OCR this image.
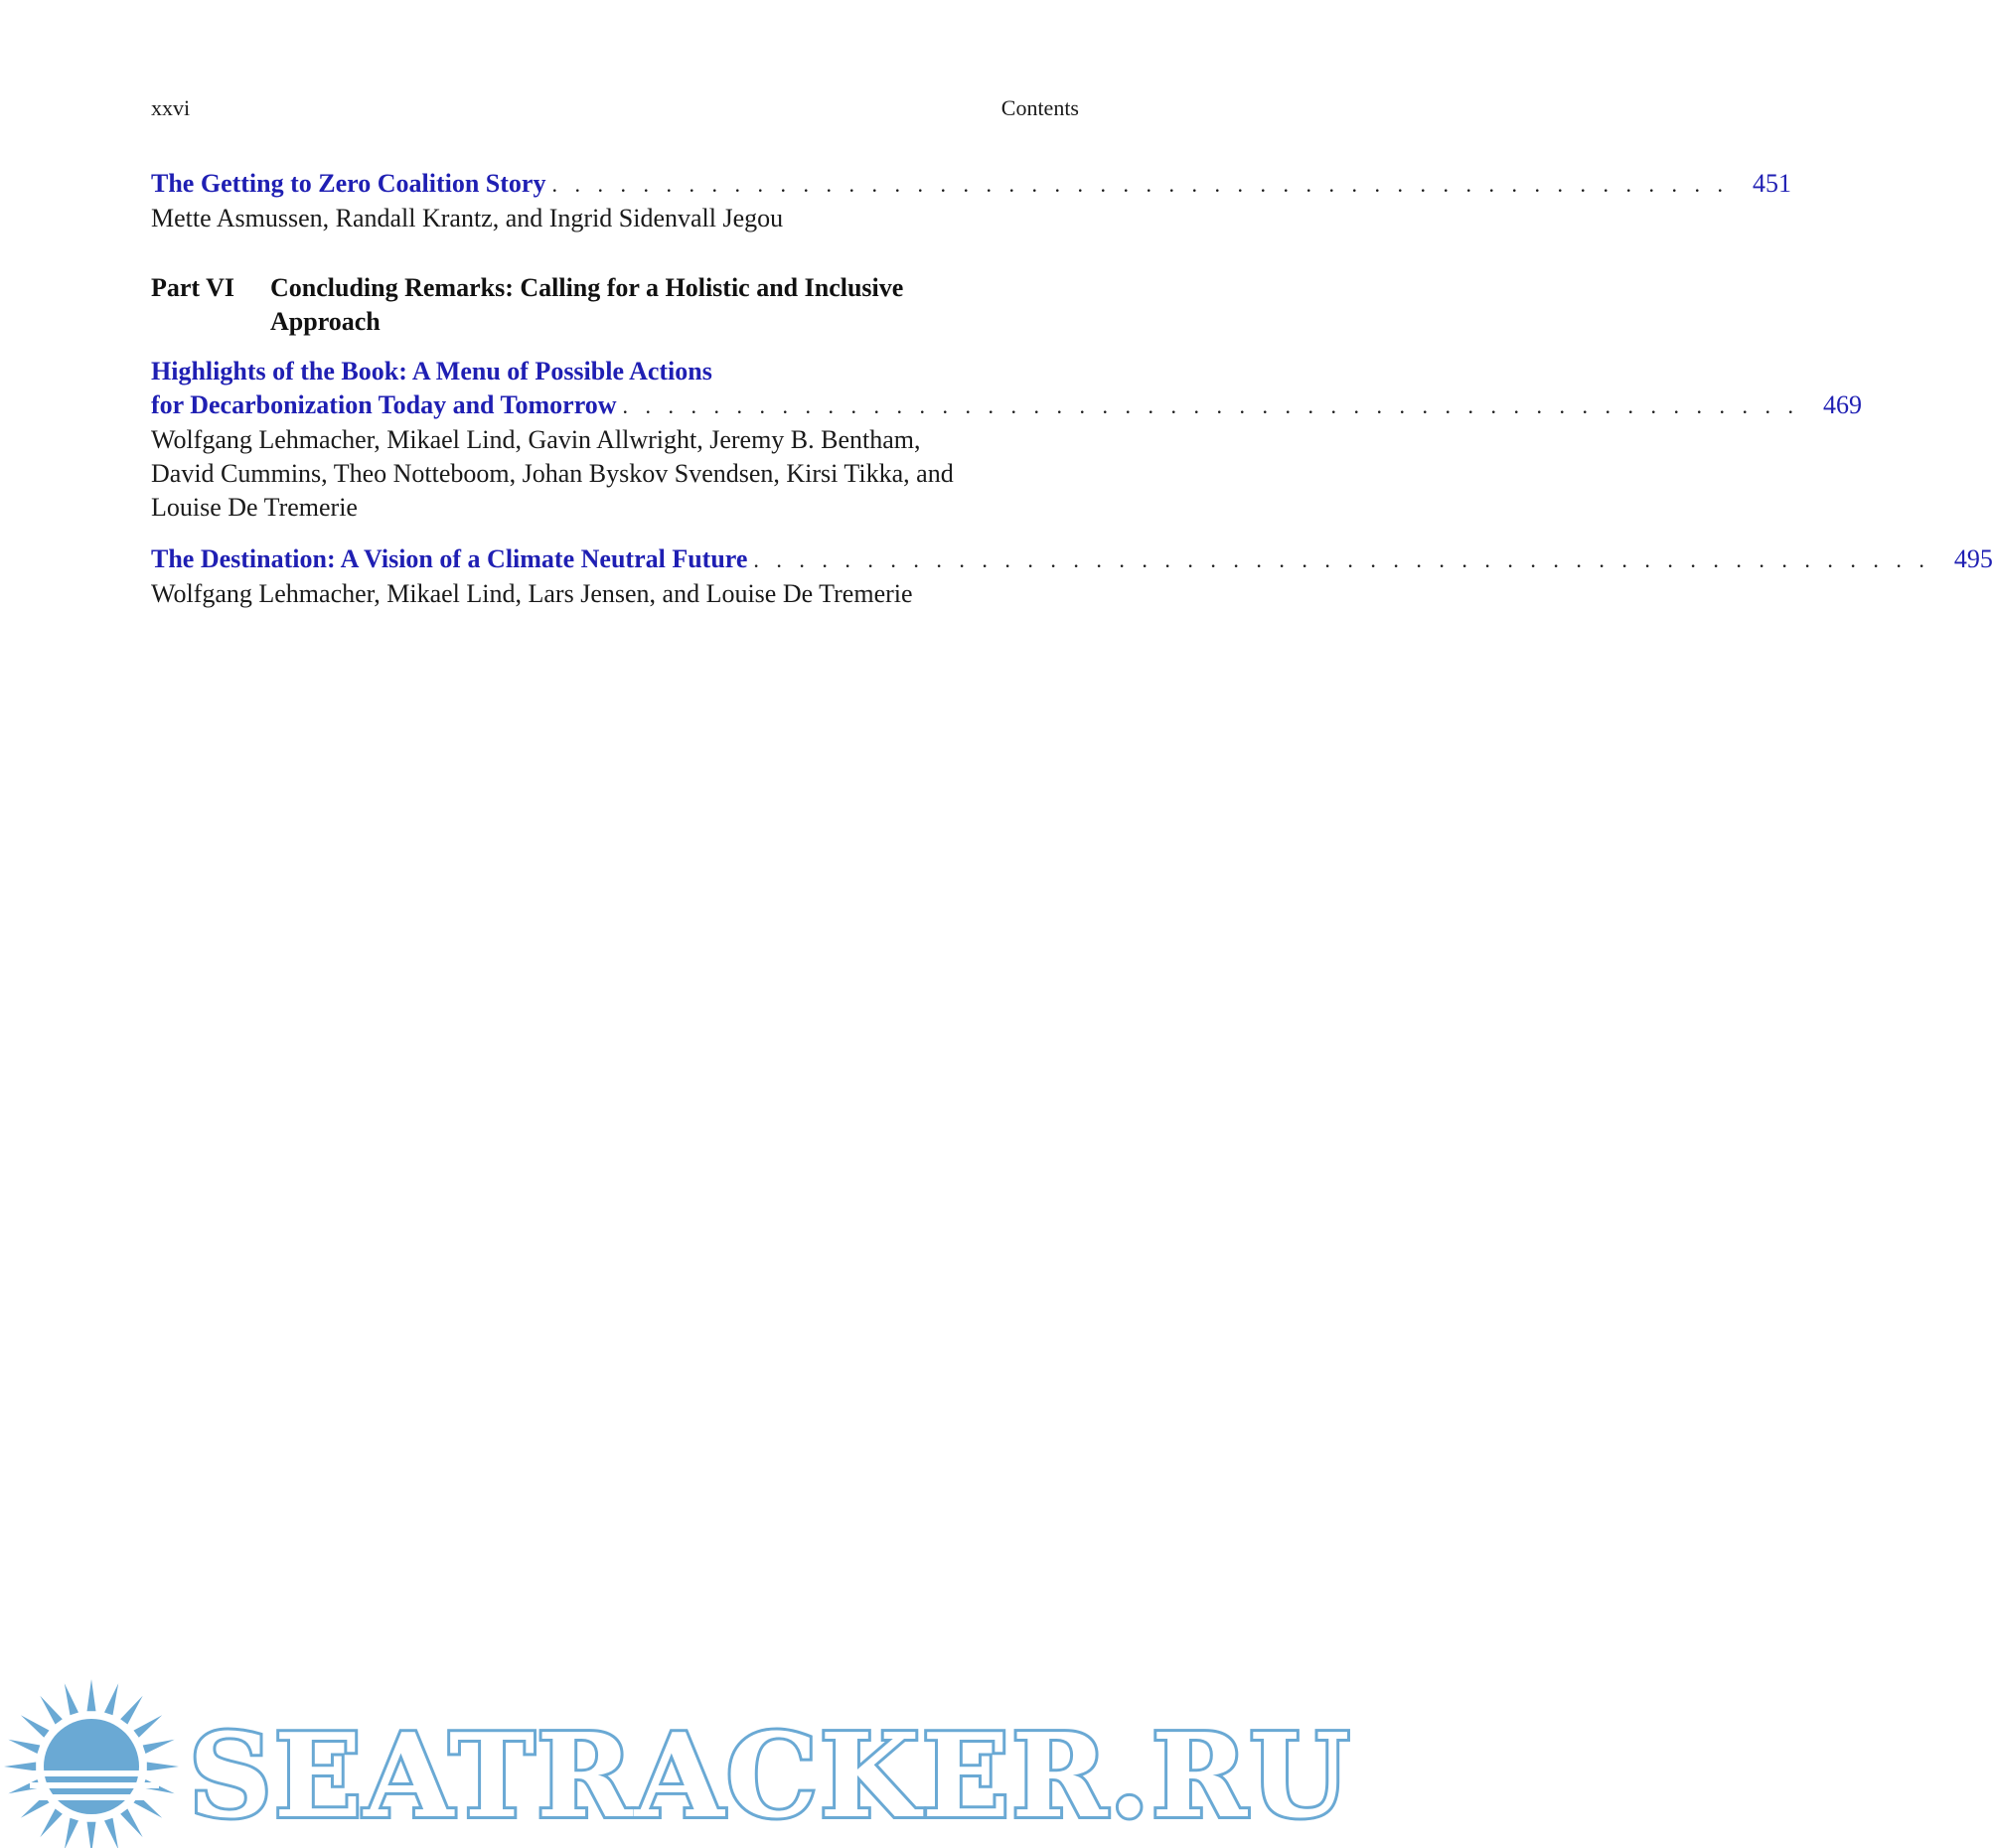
xxvi	Contents
The Getting to Zero Coalition Story . . . . . . . . . . . . . . . . . . . . . . . . . . . . . . . . . . . . . . . . . . . . . . . . . . . . 451
Mette Asmussen, Randall Krantz, and Ingrid Sidenvall Jegou
Part VI	Concluding Remarks: Calling for a Holistic and Inclusive Approach
Highlights of the Book: A Menu of Possible Actions
for Decarbonization Today and Tomorrow . . . . . . . . . . . . . . . . . . . . . . . . . . . . . . . . . . . . . . . . . . . . . . . . . . . . 469
Wolfgang Lehmacher, Mikael Lind, Gavin Allwright, Jeremy B. Bentham, David Cummins, Theo Notteboom, Johan Byskov Svendsen, Kirsi Tikka, and Louise De Tremerie
The Destination: A Vision of a Climate Neutral Future . . . . . . . . . . . . . . . . . . . . . . . . . . . . . . . . . . . . . . . . . . . . . . . . . . . . 495
Wolfgang Lehmacher, Mikael Lind, Lars Jensen, and Louise De Tremerie
SEATRACKER.RU
